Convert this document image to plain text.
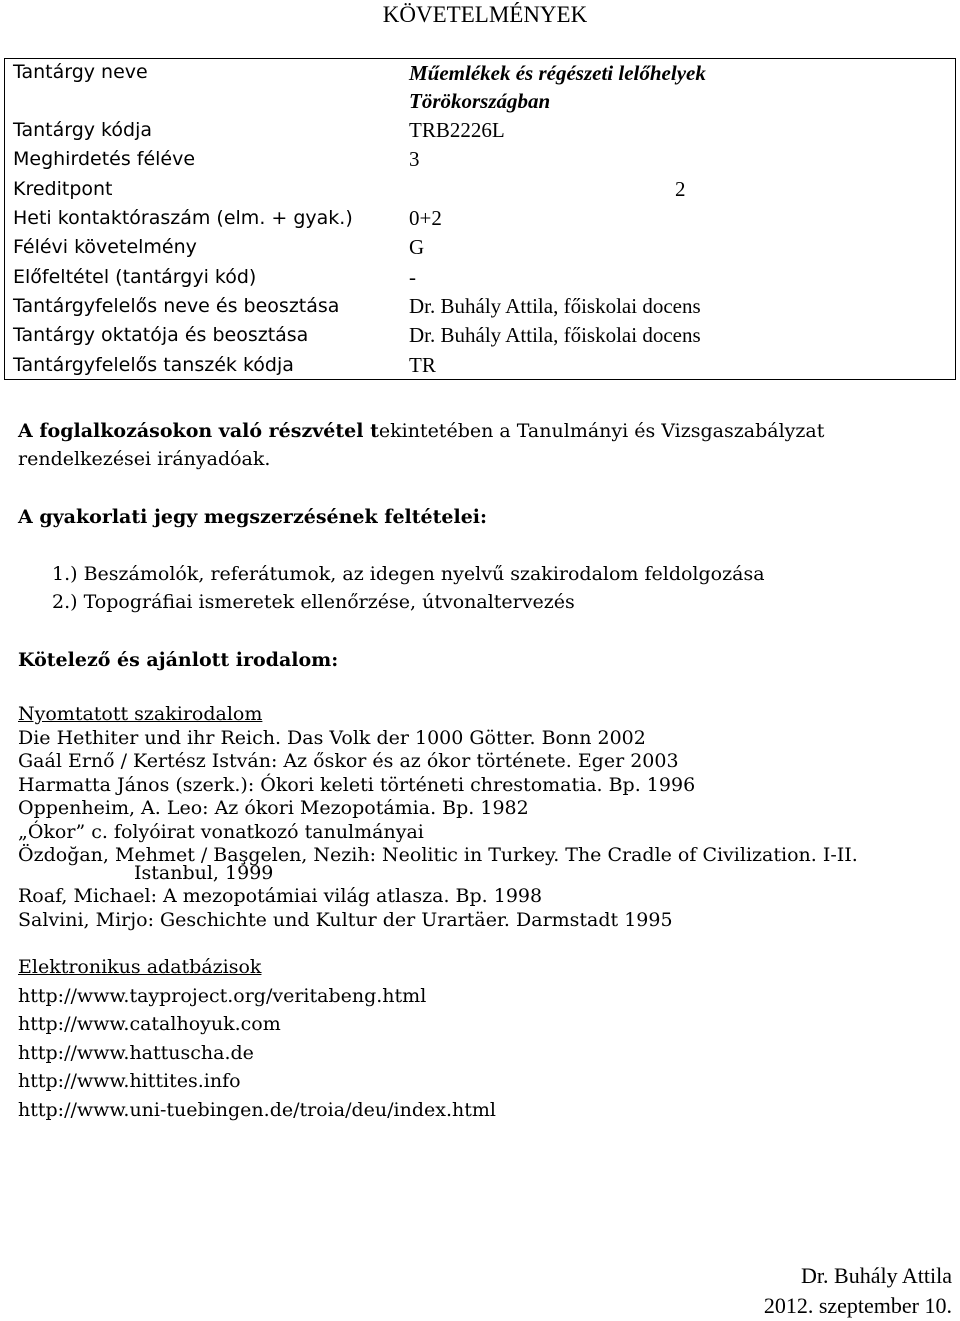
KÖVETELMÉNYEK
Tantárgy neve	Műemlékek és régészeti lelőhelyek
Törökországban
Tantárgy kódja	TRB2226L
Meghirdetés féléve	3
Kreditpont	2
Heti kontaktóraszám (elm. + gyak.)	0+2
Félévi követelmény	G
Előfeltétel (tantárgyi kód)	-
Tantárgyfelelős neve és beosztása	Dr. Buhály Attila, főiskolai docens
Tantárgy oktatója és beosztása	Dr. Buhály Attila, főiskolai docens
Tantárgyfelelős tanszék kódja	TR
A foglalkozásokon való részvétel tekintetében a Tanulmányi és Vizsgaszabályzat
rendelkezései irányadóak.
A gyakorlati jegy megszerzésének feltételei:
1.) Beszámolók, referátumok, az idegen nyelvű szakirodalom feldolgozása
2.) Topográfiai ismeretek ellenőrzése, útvonaltervezés
Kötelező és ajánlott irodalom:
Nyomtatott szakirodalom
Die Hethiter und ihr Reich. Das Volk der 1000 Götter. Bonn 2002
Gaál Ernő / Kertész István: Az őskor és az ókor története. Eger 2003
Harmatta János (szerk.): Ókori keleti történeti chrestomatia. Bp. 1996
Oppenheim, A. Leo: Az ókori Mezopotámia. Bp. 1982
„Ókor” c. folyóirat vonatkozó tanulmányai
Özdoğan, Mehmet / Başgelen, Nezih: Neolitic in Turkey. The Cradle of Civilization. I-II.
Istanbul, 1999
Roaf, Michael: A mezopotámiai világ atlasza. Bp. 1998
Salvini, Mirjo: Geschichte und Kultur der Urartäer. Darmstadt 1995
Elektronikus adatbázisok
http://www.tayproject.org/veritabeng.html
http://www.catalhoyuk.com
http://www.hattuscha.de
http://www.hittites.info
http://www.uni-tuebingen.de/troia/deu/index.html
Dr. Buhály Attila
2012. szeptember 10.
